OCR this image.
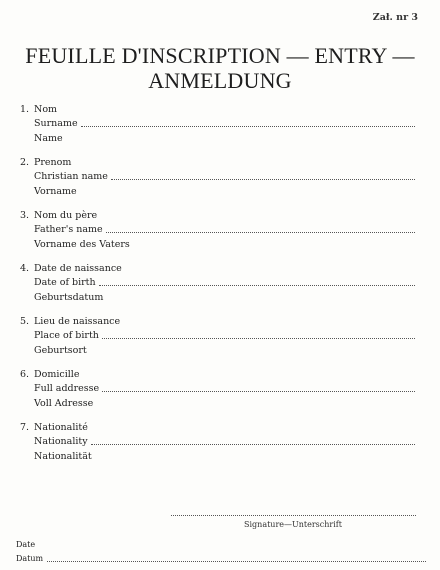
Zał. nr 3
FEUILLE D'INSCRIPTION — ENTRY —
ANMELDUNG
1. Nom
Surname
Name
2. Prenom
Christian name
Vorname
3. Nom du père
Father's name
Vorname des Vaters
4. Date de naissance
Date of birth
Geburtsdatum
5. Lieu de naissance
Place of birth
Geburtsort
6. Domicille
Full addresse
Voll Adresse
7. Nationalité
Nationality
Nationalität
Signature—Unterschrift
Date
Datum
